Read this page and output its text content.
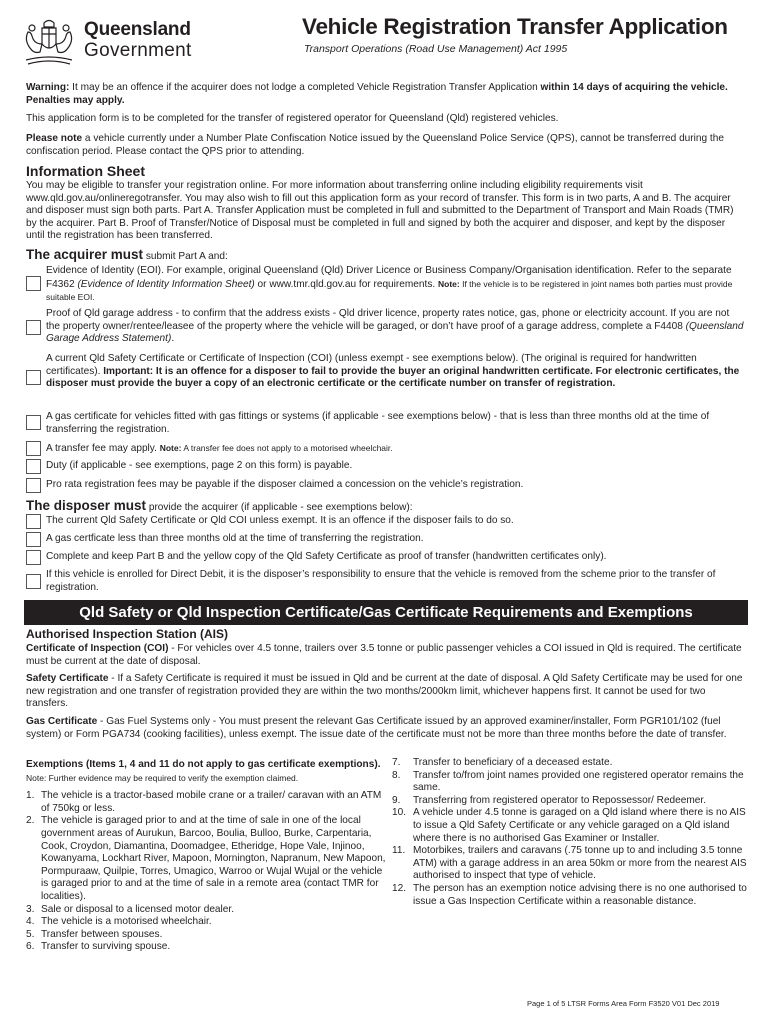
Queensland
Government
Vehicle Registration Transfer Application
Transport Operations (Road Use Management) Act 1995
Warning: It may be an offence if the acquirer does not lodge a completed Vehicle Registration Transfer Application within 14 days of acquiring the vehicle. Penalties may apply.
This application form is to be completed for the transfer of registered operator for Queensland (Qld) registered vehicles.
Please note a vehicle currently under a Number Plate Confiscation Notice issued by the Queensland Police Service (QPS), cannot be transferred during the confiscation period. Please contact the QPS prior to attending.
Information Sheet
You may be eligible to transfer your registration online. For more information about transferring online including eligibility requirements visit www.qld.gov.au/onlineregotransfer. You may also wish to fill out this application form as your record of transfer. This form is in two parts, A and B. The acquirer and disposer must sign both parts. Part A. Transfer Application must be completed in full and submitted to the Department of Transport and Main Roads (TMR) by the acquirer. Part B. Proof of Transfer/Notice of Disposal must be completed in full and signed by both the acquirer and disposer, and kept by the disposer until the registration has been transferred.
The acquirer must submit Part A and:
Evidence of Identity (EOI). For example, original Queensland (Qld) Driver Licence or Business Company/Organisation identification. Refer to the separate F4362 (Evidence of Identity Information Sheet) or www.tmr.qld.gov.au for requirements. Note: If the vehicle is to be registered in joint names both parties must provide suitable EOI.
Proof of Qld garage address - to confirm that the address exists - Qld driver licence, property rates notice, gas, phone or electricity account. If you are not the property owner/rentee/leasee of the property where the vehicle will be garaged, or don’t have proof of a garage address, complete a F4408 (Queensland Garage Address Statement).
A current Qld Safety Certificate or Certificate of Inspection (COI) (unless exempt - see exemptions below). (The original is required for handwritten certificates). Important: It is an offence for a disposer to fail to provide the buyer an original handwritten certificate. For electronic certificates, the disposer must provide the buyer a copy of an electronic certificate or the certificate number on transfer of registration.
A gas certificate for vehicles fitted with gas fittings or systems (if applicable - see exemptions below) - that is less than three months old at the time of transferring the registration.
A transfer fee may apply. Note: A transfer fee does not apply to a motorised wheelchair.
Duty (if applicable - see exemptions, page 2 on this form) is payable.
Pro rata registration fees may be payable if the disposer claimed a concession on the vehicle’s registration.
The disposer must provide the acquirer (if applicable - see exemptions below):
The current Qld Safety Certificate or Qld COI unless exempt. It is an offence if the disposer fails to do so.
A gas certficate less than three months old at the time of transferring the registration.
Complete and keep Part B and the yellow copy of the Qld Safety Certificate as proof of transfer (handwritten certificates only).
If this vehicle is enrolled for Direct Debit, it is the disposer’s responsibility to ensure that the vehicle is removed from the scheme prior to the transfer of registration.
Qld Safety or Qld Inspection Certificate/Gas Certificate Requirements and Exemptions
Authorised Inspection Station (AIS)
Certificate of Inspection (COI) - For vehicles over 4.5 tonne, trailers over 3.5 tonne or public passenger vehicles a COI issued in Qld is required. The certificate must be current at the date of disposal.
Safety Certificate - If a Safety Certificate is required it must be issued in Qld and be current at the date of disposal. A Qld Safety Certificate may be used for one new registration and one transfer of registration provided they are within the two months/2000km limit, whichever happens first. It cannot be used for two transfers.
Gas Certificate - Gas Fuel Systems only - You must present the relevant Gas Certificate issued by an approved examiner/installer, Form PGR101/102 (fuel system) or Form PGA734 (cooking facilities), unless exempt. The issue date of the certificate must not be more than three months before the date of transfer.
Exemptions (Items 1, 4 and 11 do not apply to gas certificate exemptions). Note: Further evidence may be required to verify the exemption claimed.
1. The vehicle is a tractor-based mobile crane or a trailer/ caravan with an ATM of 750kg or less.
2. The vehicle is garaged prior to and at the time of sale in one of the local government areas of Aurukun, Barcoo, Boulia, Bulloo, Burke, Carpentaria, Cook, Croydon, Diamantina, Doomadgee, Etheridge, Hope Vale, Injinoo, Kowanyama, Lockhart River, Mapoon, Mornington, Napranum, New Mapoon, Pormpuraaw, Quilpie, Torres, Umagico, Warroo or Wujal Wujal or the vehicle is garaged prior to and at the time of sale in a remote area (contact TMR for localities).
3. Sale or disposal to a licensed motor dealer.
4. The vehicle is a motorised wheelchair.
5. Transfer between spouses.
6. Transfer to surviving spouse.
7.	Transfer to beneficiary of a deceased estate.
8.	Transfer to/from joint names provided one registered operator remains the same.
9.	Transferring from registered operator to Repossessor/ Redeemer.
10. A vehicle under 4.5 tonne is garaged on a Qld island where there is no AIS to issue a Qld Safety Certificate or any vehicle garaged on a Qld island where there is no authorised Gas Examiner or Installer.
11. Motorbikes, trailers and caravans (.75 tonne up to and including 3.5 tonne ATM) with a garage address in an area 50km or more from the nearest AIS authorised to inspect that type of vehicle.
12. The person has an exemption notice advising there is no one authorised to issue a Gas Inspection Certificate within a reasonable distance.
Page 1 of 5 LTSR Forms Area Form F3520 V01 Dec 2019
